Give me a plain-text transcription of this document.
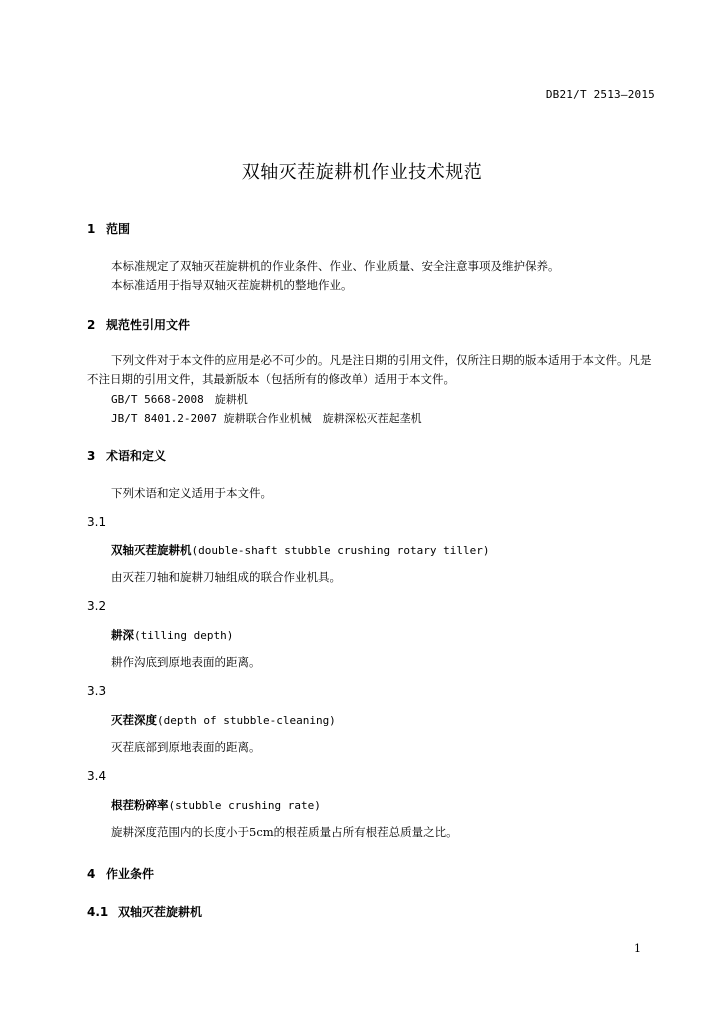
DB21/T 2513—2015
双轴灭茬旋耕机作业技术规范
1 范围
本标准规定了双轴灭茬旋耕机的作业条件、作业、作业质量、安全注意事项及维护保养。
本标准适用于指导双轴灭茬旋耕机的整地作业。
2 规范性引用文件
下列文件对于本文件的应用是必不可少的。凡是注日期的引用文件，仅所注日期的版本适用于本文件。凡是不注日期的引用文件，其最新版本（包括所有的修改单）适用于本文件。
GB/T 5668-2008　旋耕机
JB/T 8401.2-2007 旋耕联合作业机械　旋耕深松灭茬起垄机
3 术语和定义
下列术语和定义适用于本文件。
3.1
双轴灭茬旋耕机(double-shaft stubble crushing rotary tiller)
由灭茬刀轴和旋耕刀轴组成的联合作业机具。
3.2
耕深(tilling depth)
耕作沟底到原地表面的距离。
3.3
灭茬深度(depth of stubble-cleaning)
灭茬底部到原地表面的距离。
3.4
根茬粉碎率(stubble crushing rate)
旋耕深度范围内的长度小于5cm的根茬质量占所有根茬总质量之比。
4 作业条件
4.1 双轴灭茬旋耕机
1
